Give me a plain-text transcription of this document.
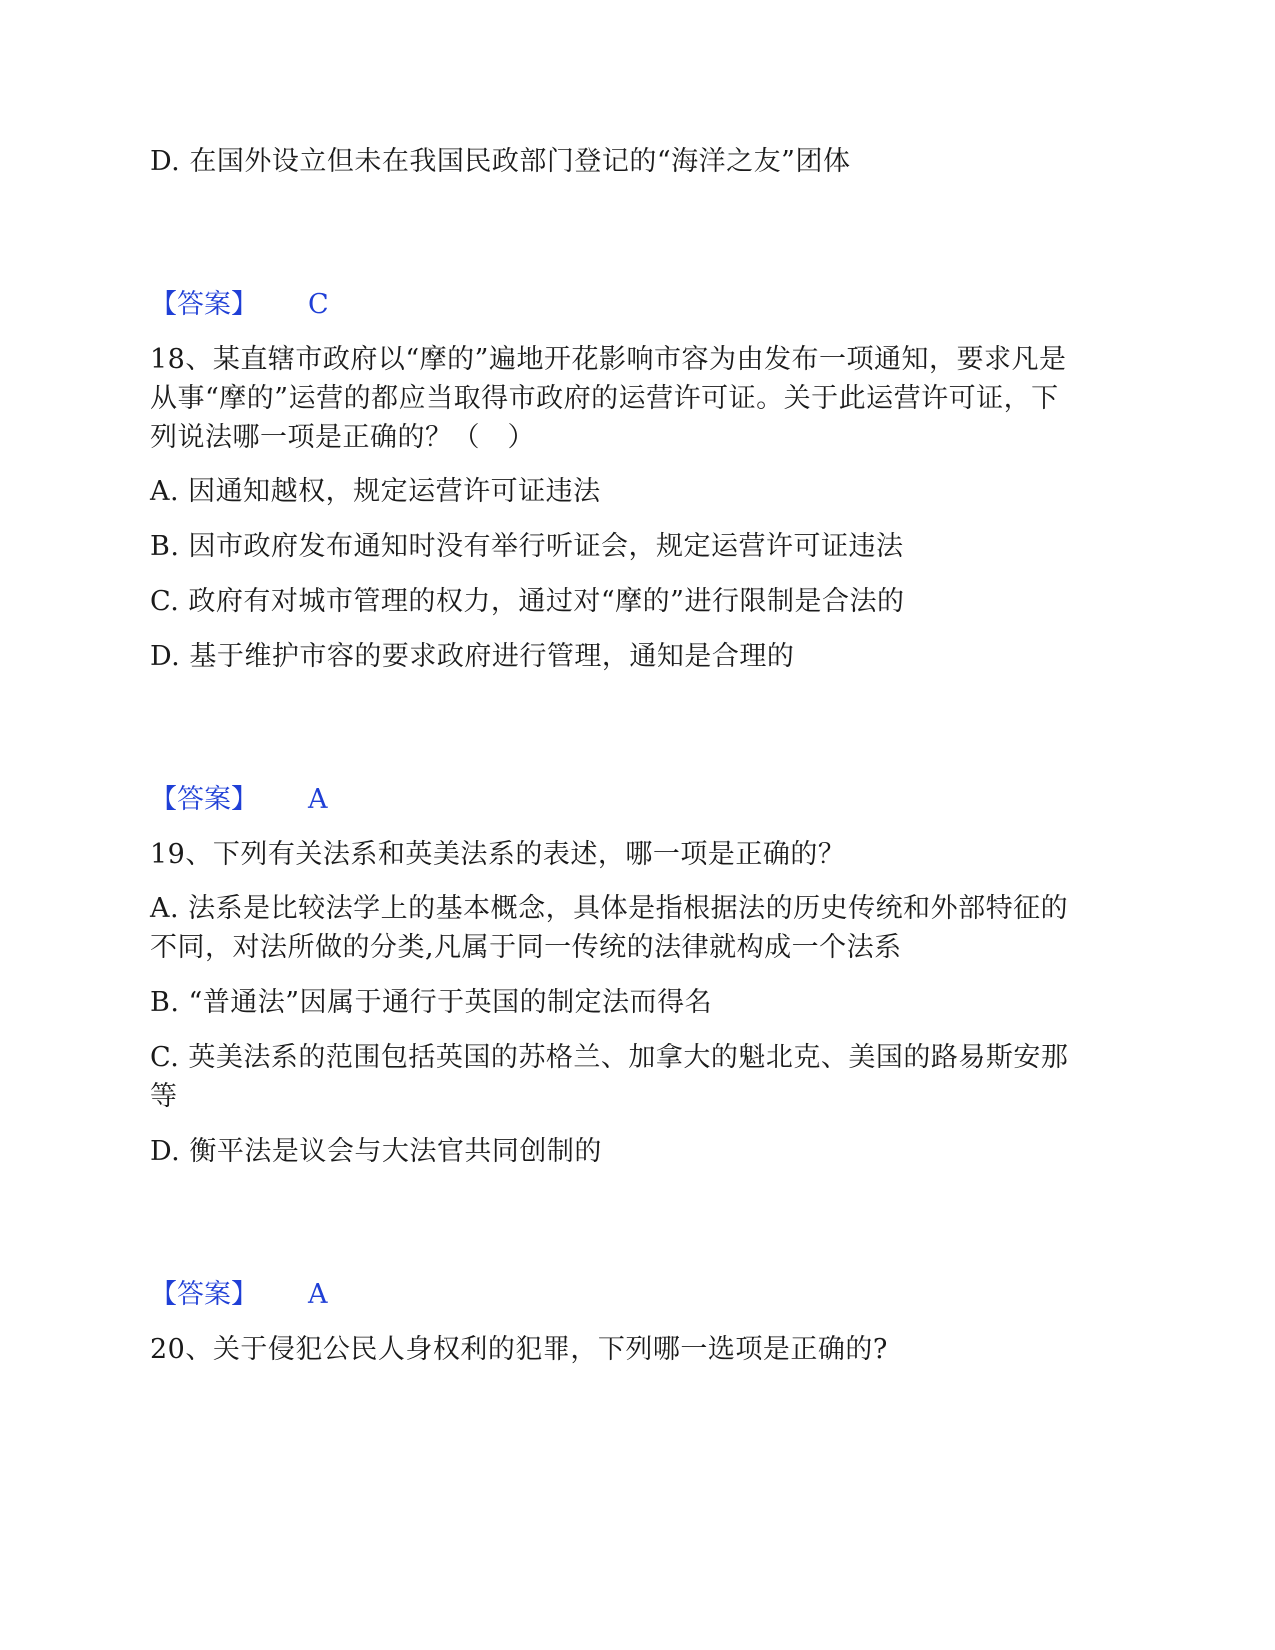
D. 在国外设立但未在我国民政部门登记的“海洋之友”团体
【答案】 C
18、某直辖市政府以“摩的”遍地开花影响市容为由发布一项通知，要求凡是
从事“摩的”运营的都应当取得市政府的运营许可证。关于此运营许可证，下
列说法哪一项是正确的？（　）
A. 因通知越权，规定运营许可证违法
B. 因市政府发布通知时没有举行听证会，规定运营许可证违法
C. 政府有对城市管理的权力，通过对“摩的”进行限制是合法的
D. 基于维护市容的要求政府进行管理，通知是合理的
【答案】 A
19、下列有关法系和英美法系的表述，哪一项是正确的？
A. 法系是比较法学上的基本概念，具体是指根据法的历史传统和外部特征的
不同，对法所做的分类,凡属于同一传统的法律就构成一个法系
B. “普通法”因属于通行于英国的制定法而得名
C. 英美法系的范围包括英国的苏格兰、加拿大的魁北克、美国的路易斯安那
等
D. 衡平法是议会与大法官共同创制的
【答案】 A
20、关于侵犯公民人身权利的犯罪，下列哪一选项是正确的?
